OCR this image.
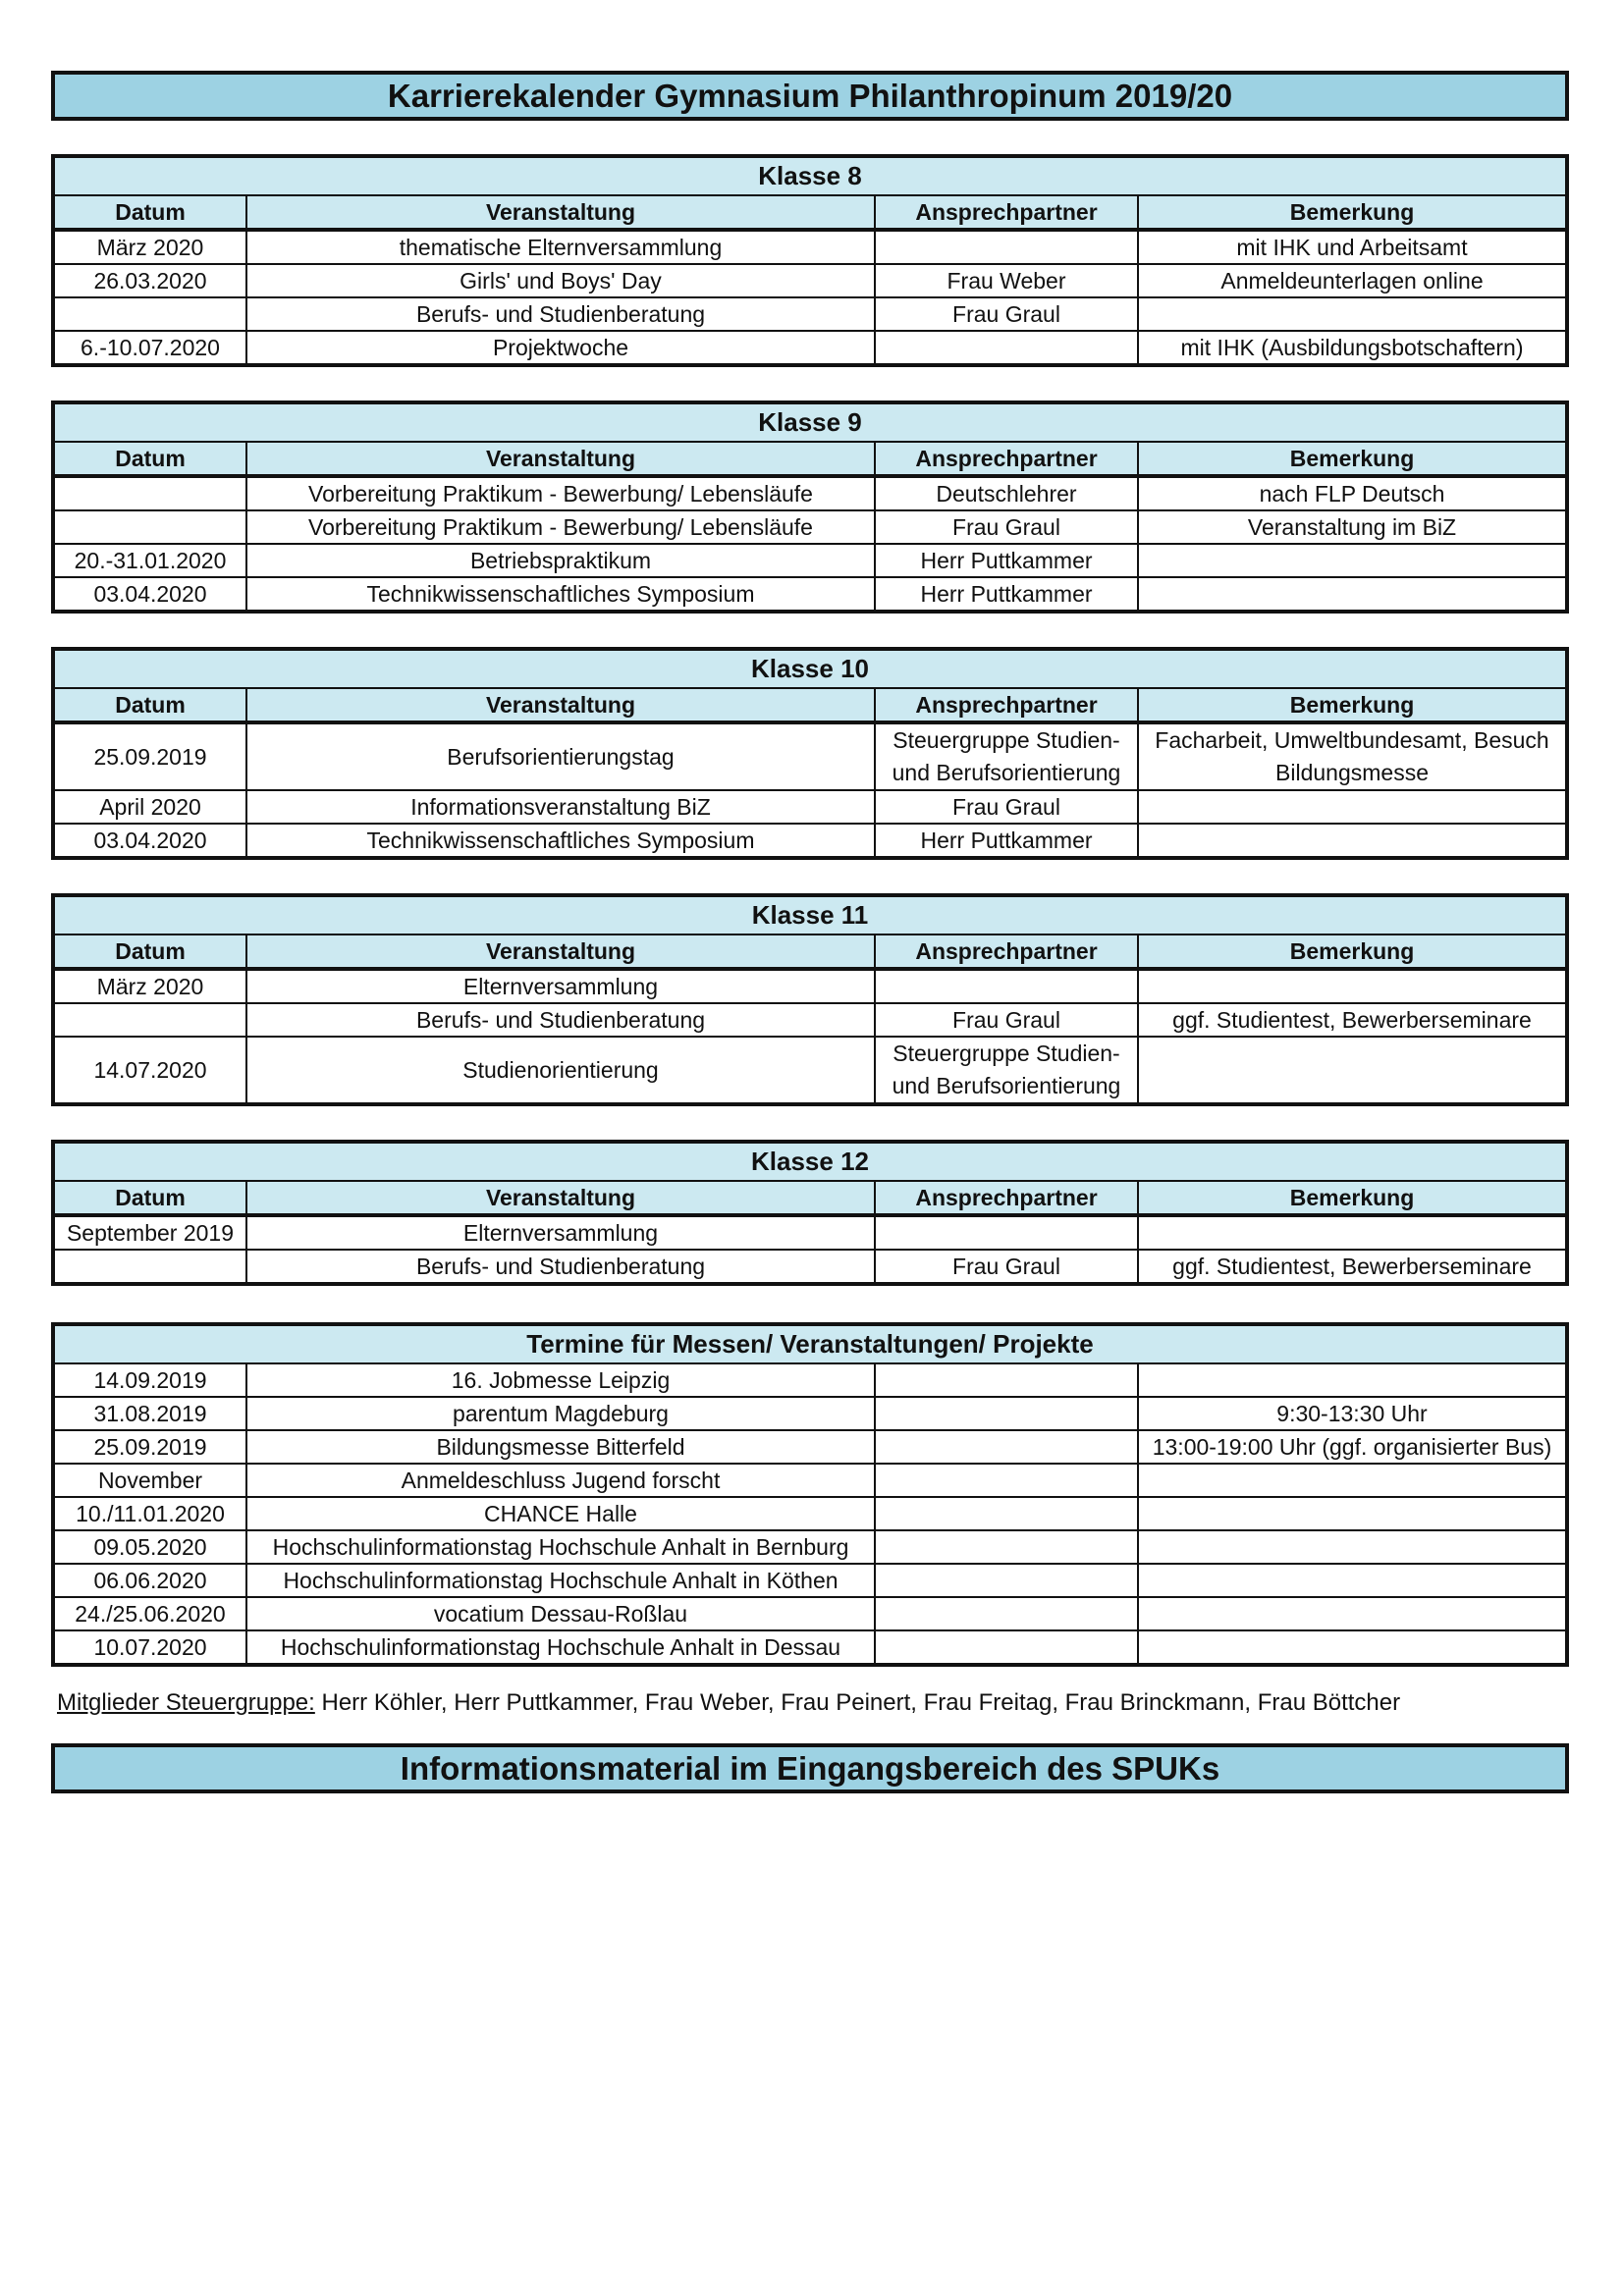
Karrierekalender Gymnasium Philanthropinum 2019/20
Klasse 8
Datum	Veranstaltung	Ansprechpartner	Bemerkung
März 2020	thematische Elternversammlung		mit IHK und Arbeitsamt
26.03.2020	Girls' und Boys' Day	Frau Weber	Anmeldeunterlagen online
	Berufs- und Studienberatung	Frau Graul	
6.-10.07.2020	Projektwoche		mit IHK (Ausbildungsbotschaftern)
Klasse 9
Datum	Veranstaltung	Ansprechpartner	Bemerkung
	Vorbereitung Praktikum - Bewerbung/ Lebensläufe	Deutschlehrer	nach FLP Deutsch
	Vorbereitung Praktikum - Bewerbung/ Lebensläufe	Frau Graul	Veranstaltung im BiZ
20.-31.01.2020	Betriebspraktikum	Herr Puttkammer	
03.04.2020	Technikwissenschaftliches Symposium	Herr Puttkammer	
Klasse 10
Datum	Veranstaltung	Ansprechpartner	Bemerkung
25.09.2019	Berufsorientierungstag	Steuergruppe Studien- und Berufsorientierung	Facharbeit, Umweltbundesamt, Besuch Bildungsmesse
April 2020	Informationsveranstaltung BiZ	Frau Graul	
03.04.2020	Technikwissenschaftliches Symposium	Herr Puttkammer	
Klasse 11
Datum	Veranstaltung	Ansprechpartner	Bemerkung
März 2020	Elternversammlung		
	Berufs- und Studienberatung	Frau Graul	ggf. Studientest, Bewerberseminare
14.07.2020	Studienorientierung	Steuergruppe Studien- und Berufsorientierung	
Klasse 12
Datum	Veranstaltung	Ansprechpartner	Bemerkung
September 2019	Elternversammlung		
	Berufs- und Studienberatung	Frau Graul	ggf. Studientest, Bewerberseminare
Termine für Messen/ Veranstaltungen/ Projekte
14.09.2019	16. Jobmesse Leipzig		
31.08.2019	parentum Magdeburg		9:30-13:30 Uhr
25.09.2019	Bildungsmesse Bitterfeld		13:00-19:00 Uhr (ggf. organisierter Bus)
November	Anmeldeschluss Jugend forscht		
10./11.01.2020	CHANCE Halle		
09.05.2020	Hochschulinformationstag Hochschule Anhalt in Bernburg		
06.06.2020	Hochschulinformationstag Hochschule Anhalt in Köthen		
24./25.06.2020	vocatium Dessau-Roßlau		
10.07.2020	Hochschulinformationstag Hochschule Anhalt in Dessau		
Mitglieder Steuergruppe: Herr Köhler, Herr Puttkammer, Frau Weber, Frau Peinert, Frau Freitag, Frau Brinckmann, Frau Böttcher
Informationsmaterial im Eingangsbereich des SPUKs
